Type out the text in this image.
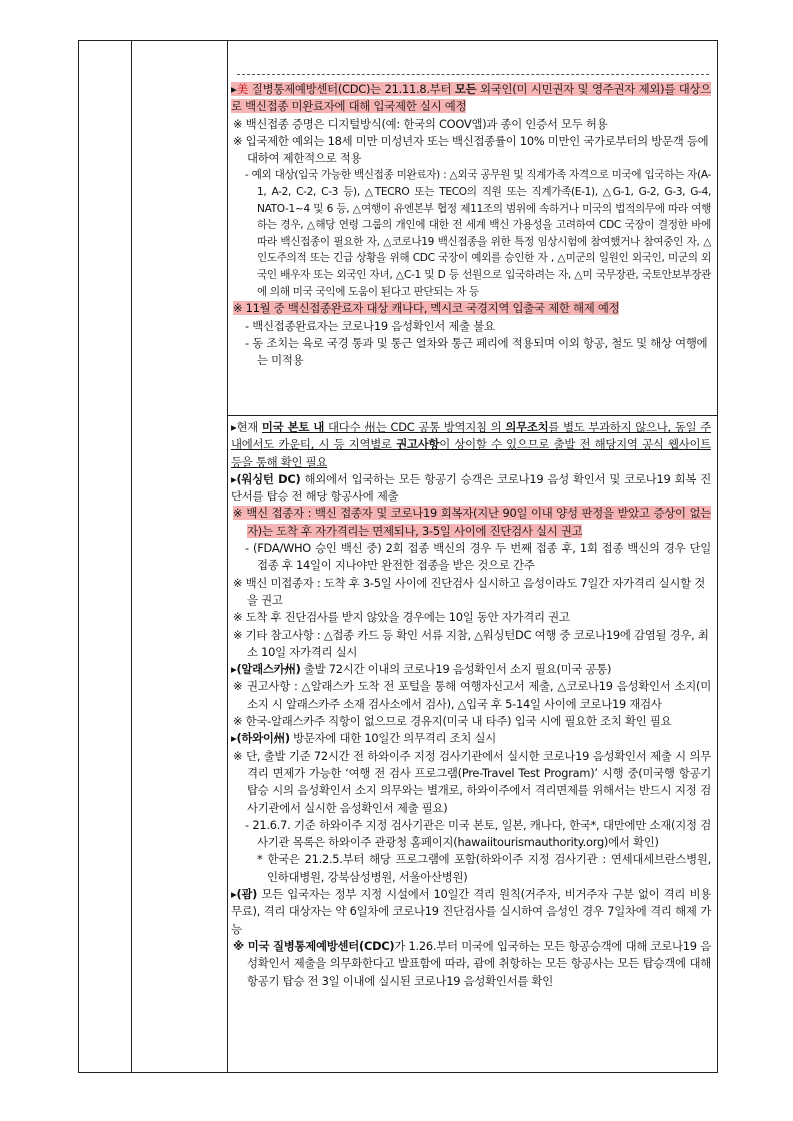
▸美 질병통제예방센터(CDC)는 21.11.8.부터 모든 외국인(미 시민권자 및 영주권자 제외)를 대상으로 백신접종 미완료자에 대해 입국제한 실시 예정

※ 백신접종 증명은 디지털방식(예: 한국의 COOV앱)과 종이 인증서 모두 허용

※ 입국제한 예외는 18세 미만 미성년자 또는 백신접종률이 10% 미만인 국가로부터의 방문객 등에 대하여 제한적으로 적용

- 예외 대상(입국 가능한 백신접종 미완료자) : △외국 공무원 및 직계가족 자격으로 미국에 입국하는 자(A-1, A-2, C-2, C-3 등), △TECRO 또는 TECO의 직원 또는 직계가족(E-1), △G-1, G-2, G-3, G-4, NATO-1~4 및 6 등, △여행이 유엔본부 협정 제11조의 범위에 속하거나 미국의 법적의무에 따라 여행하는 경우, △해당 연령 그룹의 개인에 대한 전 세계 백신 가용성을 고려하여 CDC 국장이 결정한 바에 따라 백신접종이 필요한 자, △코로나19 백신접종을 위한 특정 임상시험에 참여했거나 참여중인 자, △인도주의적 또는 긴급 상황을 위해 CDC 국장이 예외를 승인한 자 , △미군의 일원인 외국인, 미군의 외국인 배우자 또는 외국인 자녀, △C-1 및 D 등 선원으로 입국하려는 자, △미 국무장관, 국토안보부장관에 의해 미국 국익에 도움이 된다고 판단되는 자 등

※ 11월 중 백신접종완료자 대상 캐나다, 멕시코 국경지역 입출국 제한 해제 예정

- 백신접종완료자는 코로나19 음성확인서 제출 불요

- 동 조치는 육로 국경 통과 및 통근 열차와 통근 페리에 적용되며 이외 항공, 철도 및 해상 여행에는 미적용

▸현재 미국 본토 내 대다수 州는 CDC 공통 방역지침 의 의무조치를 별도 부과하지 않으나, 동일 주 내에서도 카운티, 시 등 지역별로 권고사항이 상이할 수 있으므로 출발 전 해당지역 공식 웹사이트 등을 통해 확인 필요

▸(워싱턴 DC) 해외에서 입국하는 모든 항공기 승객은 코로나19 음성 확인서 및 코로나19 회복 진단서를 탑승 전 해당 항공사에 제출

※ 백신 접종자 : 백신 접종자 및 코로나19 회복자(지난 90일 이내 양성 판정을 받았고 증상이 없는 자)는 도착 후 자가격리는 면제되나, 3-5일 사이에 진단검사 실시 권고

- (FDA/WHO 승인 백신 중) 2회 접종 백신의 경우 두 번째 접종 후, 1회 접종 백신의 경우 단일 접종 후 14일이 지나야만 완전한 접종을 받은 것으로 간주

※ 백신 미접종자 : 도착 후 3-5일 사이에 진단검사 실시하고 음성이라도 7일간 자가격리 실시할 것을 권고

※ 도착 후 진단검사를 받지 않았을 경우에는 10일 동안 자가격리 권고

※ 기타 참고사항 : △접종 카드 등 확인 서류 지참, △워싱턴DC 여행 중 코로나19에 감염될 경우, 최소 10일 자가격리 실시

▸(알래스카州) 출발 72시간 이내의 코로나19 음성확인서 소지 필요(미국 공통)

※ 권고사항 : △알래스카 도착 전 포털을 통해 여행자신고서 제출, △코로나19 음성확인서 소지(미소지 시 알래스카주 소재 검사소에서 검사), △입국 후 5-14일 사이에 코로나19 재검사

※ 한국-알래스카주 직항이 없으므로 경유지(미국 내 타주) 입국 시에 필요한 조치 확인 필요

▸(하와이州) 방문자에 대한 10일간 의무격리 조치 실시

※ 단, 출발 기준 72시간 전 하와이주 지정 검사기관에서 실시한 코로나19 음성확인서 제출 시 의무격리 면제가 가능한 ‘여행 전 검사 프로그램(Pre-Travel Test Program)’ 시행 중(미국행 항공기 탑승 시의 음성확인서 소지 의무와는 별개로, 하와이주에서 격리면제를 위해서는 반드시 지정 검사기관에서 실시한 음성확인서 제출 필요)

- 21.6.7. 기준 하와이주 지정 검사기관은 미국 본토, 일본, 캐나다, 한국*, 대만에만 소재(지정 검사기관 목록은 하와이주 관광청 홈페이지(hawaiitourismauthority.org)에서 확인)

* 한국은 21.2.5.부터 해당 프로그램에 포함(하와이주 지정 검사기관 : 연세대세브란스병원, 인하대병원, 강북삼성병원, 서울아산병원)

▸(괌) 모든 입국자는 정부 지정 시설에서 10일간 격리 원칙(거주자, 비거주자 구분 없이 격리 비용 무료), 격리 대상자는 약 6일차에 코로나19 진단검사를 실시하여 음성인 경우 7일차에 격리 해제 가능

※ 미국 질병통제예방센터(CDC)가 1.26.부터 미국에 입국하는 모든 항공승객에 대해 코로나19 음성확인서 제출을 의무화한다고 발표함에 따라, 괌에 취항하는 모든 항공사는 모든 탑승객에 대해 항공기 탑승 전 3일 이내에 실시된 코로나19 음성확인서를 확인
